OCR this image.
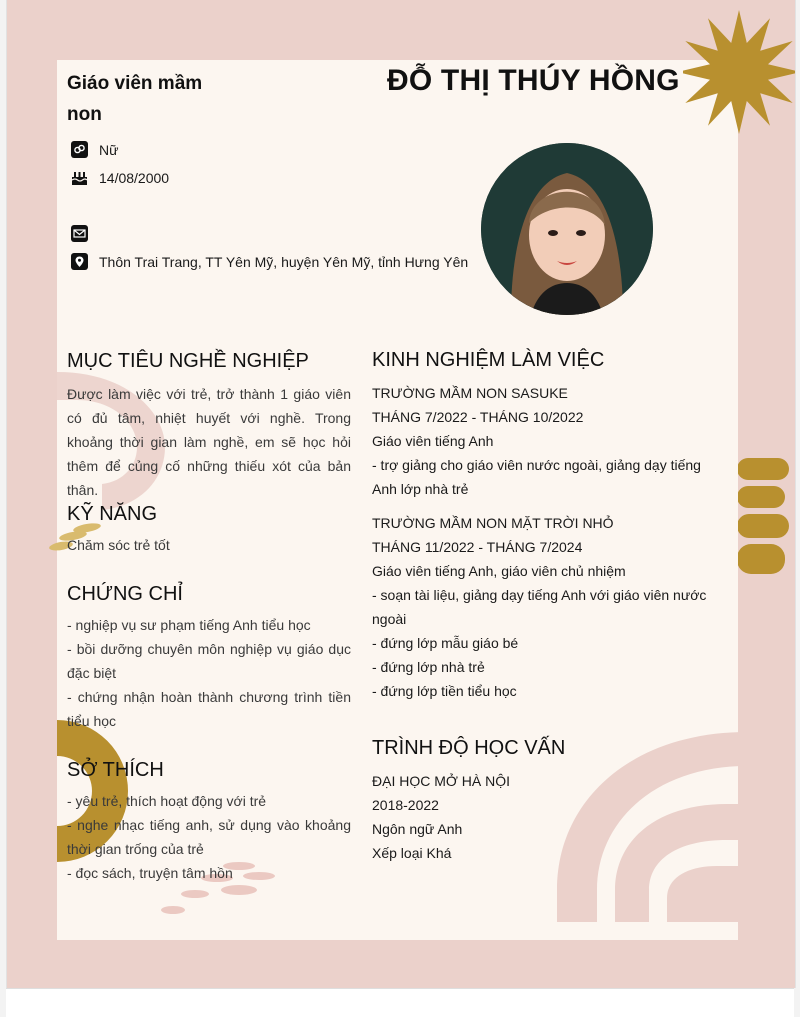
Giáo viên mầm non
ĐỖ THỊ THÚY HỒNG
Nữ
14/08/2000
Thôn Trai Trang, TT Yên Mỹ, huyện Yên Mỹ, tỉnh Hưng Yên
MỤC TIÊU NGHỀ NGHIỆP
Được làm việc với trẻ, trở thành 1 giáo viên có đủ tâm, nhiệt huyết với nghề. Trong khoảng thời gian làm nghề, em sẽ học hỏi thêm để củng cố những thiếu xót của bản thân.
KỸ NĂNG
Chăm sóc trẻ tốt
CHỨNG CHỈ
- nghiệp vụ sư phạm tiếng Anh tiểu học
- bồi dưỡng chuyên môn nghiệp vụ giáo dục đặc biệt
- chứng nhận hoàn thành chương trình tiền tiểu học
SỞ THÍCH
- yêu trẻ, thích hoạt động với trẻ
- nghe nhạc tiếng anh, sử dụng vào khoảng thời gian trống của trẻ
- đọc sách, truyện tâm hồn
KINH NGHIỆM LÀM VIỆC
TRƯỜNG MẦM NON SASUKE
THÁNG 7/2022 - THÁNG 10/2022
Giáo viên tiếng Anh
- trợ giảng cho giáo viên nước ngoài, giảng dạy tiếng Anh lớp nhà trẻ
TRƯỜNG MẦM NON MẶT TRỜI NHỎ
THÁNG 11/2022 - THÁNG 7/2024
Giáo viên tiếng Anh, giáo viên chủ nhiệm
- soạn tài liệu, giảng dạy tiếng Anh với giáo viên nước ngoài
- đứng lớp mẫu giáo bé
- đứng lớp nhà trẻ
- đứng lớp tiền tiểu học
TRÌNH ĐỘ HỌC VẤN
ĐẠI HỌC MỞ HÀ NỘI
2018-2022
Ngôn ngữ Anh
Xếp loại Khá
